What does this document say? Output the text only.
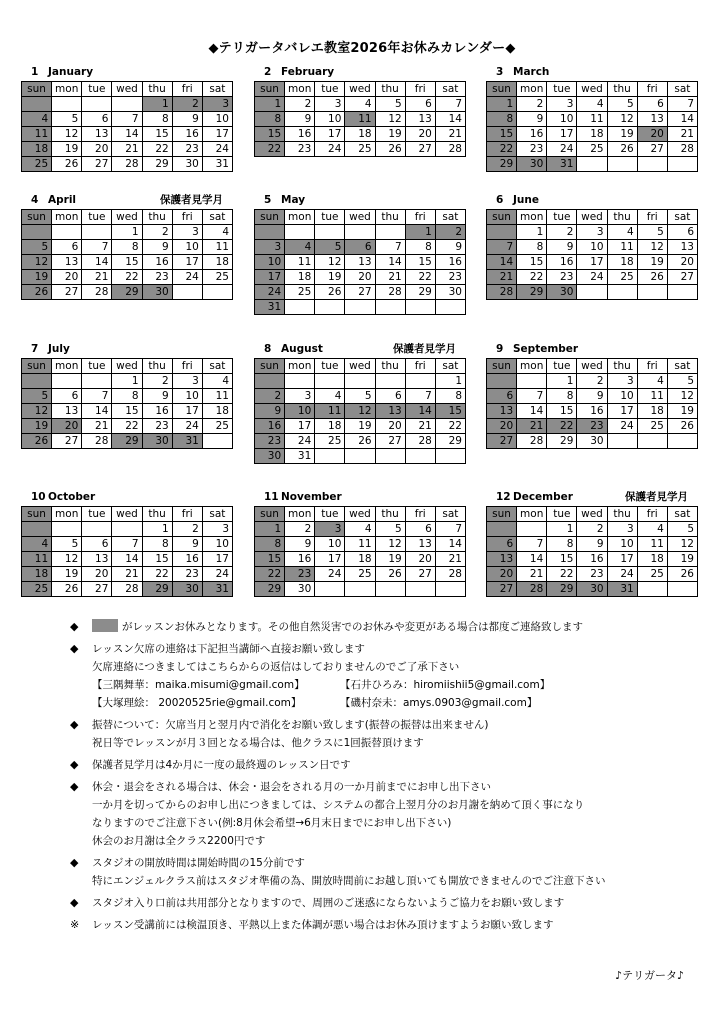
◆テリガータバレエ教室2026年お休みカレンダー◆
1 January
sun	mon	tue	wed	thu	fri	sat
				1	2	3
4	5	6	7	8	9	10
11	12	13	14	15	16	17
18	19	20	21	22	23	24
25	26	27	28	29	30	31
2 February
sun	mon	tue	wed	thu	fri	sat
1	2	3	4	5	6	7
8	9	10	11	12	13	14
15	16	17	18	19	20	21
22	23	24	25	26	27	28
3 March
sun	mon	tue	wed	thu	fri	sat
1	2	3	4	5	6	7
8	9	10	11	12	13	14
15	16	17	18	19	20	21
22	23	24	25	26	27	28
29	30	31				
4 April	保護者見学月
sun	mon	tue	wed	thu	fri	sat
			1	2	3	4
5	6	7	8	9	10	11
12	13	14	15	16	17	18
19	20	21	22	23	24	25
26	27	28	29	30		
5 May
sun	mon	tue	wed	thu	fri	sat
					1	2
3	4	5	6	7	8	9
10	11	12	13	14	15	16
17	18	19	20	21	22	23
24	25	26	27	28	29	30
31						
6 June
sun	mon	tue	wed	thu	fri	sat
	1	2	3	4	5	6
7	8	9	10	11	12	13
14	15	16	17	18	19	20
21	22	23	24	25	26	27
28	29	30				
7 July
sun	mon	tue	wed	thu	fri	sat
			1	2	3	4
5	6	7	8	9	10	11
12	13	14	15	16	17	18
19	20	21	22	23	24	25
26	27	28	29	30	31	
8 August	保護者見学月
sun	mon	tue	wed	thu	fri	sat
						1
2	3	4	5	6	7	8
9	10	11	12	13	14	15
16	17	18	19	20	21	22
23	24	25	26	27	28	29
30	31					
9 September
sun	mon	tue	wed	thu	fri	sat
		1	2	3	4	5
6	7	8	9	10	11	12
13	14	15	16	17	18	19
20	21	22	23	24	25	26
27	28	29	30			
10 October
sun	mon	tue	wed	thu	fri	sat
				1	2	3
4	5	6	7	8	9	10
11	12	13	14	15	16	17
18	19	20	21	22	23	24
25	26	27	28	29	30	31
11 November
sun	mon	tue	wed	thu	fri	sat
1	2	3	4	5	6	7
8	9	10	11	12	13	14
15	16	17	18	19	20	21
22	23	24	25	26	27	28
29	30					
12 December	保護者見学月
sun	mon	tue	wed	thu	fri	sat
		1	2	3	4	5
6	7	8	9	10	11	12
13	14	15	16	17	18	19
20	21	22	23	24	25	26
27	28	29	30	31		
◆	がレッスンお休みとなります。その他自然災害でのお休みや変更がある場合は都度ご連絡致します
◆ レッスン欠席の連絡は下記担当講師へ直接お願い致します
欠席連絡につきましてはこちらからの返信はしておりませんのでご了承下さい
【三隅舞華：maika.misumi@gmail.com】	【石井ひろみ：hiromiishii5@gmail.com】
【大塚理絵： 20020525rie@gmail.com】	【磯村奈未：amys.0903@gmail.com】
◆ 振替について：欠席当月と翌月内で消化をお願い致します(振替の振替は出来ません)
祝日等でレッスンが月３回となる場合は、他クラスに1回振替頂けます
◆ 保護者見学月は4か月に一度の最終週のレッスン日です
◆ 休会・退会をされる場合は、休会・退会をされる月の一か月前までにお申し出下さい
一か月を切ってからのお申し出につきましては、システムの都合上翌月分のお月謝を納めて頂く事になり
なりますのでご注意下さい(例:8月休会希望→6月末日までにお申し出下さい)
休会のお月謝は全クラス2200円です
◆ スタジオの開放時間は開始時間の15分前です
特にエンジェルクラス前はスタジオ準備の為、開放時間前にお越し頂いても開放できませんのでご注意下さい
◆ スタジオ入り口前は共用部分となりますので、周囲のご迷惑にならないようご協力をお願い致します
※ レッスン受講前には検温頂き、平熱以上また体調が悪い場合はお休み頂けますようお願い致します
♪テリガータ♪
